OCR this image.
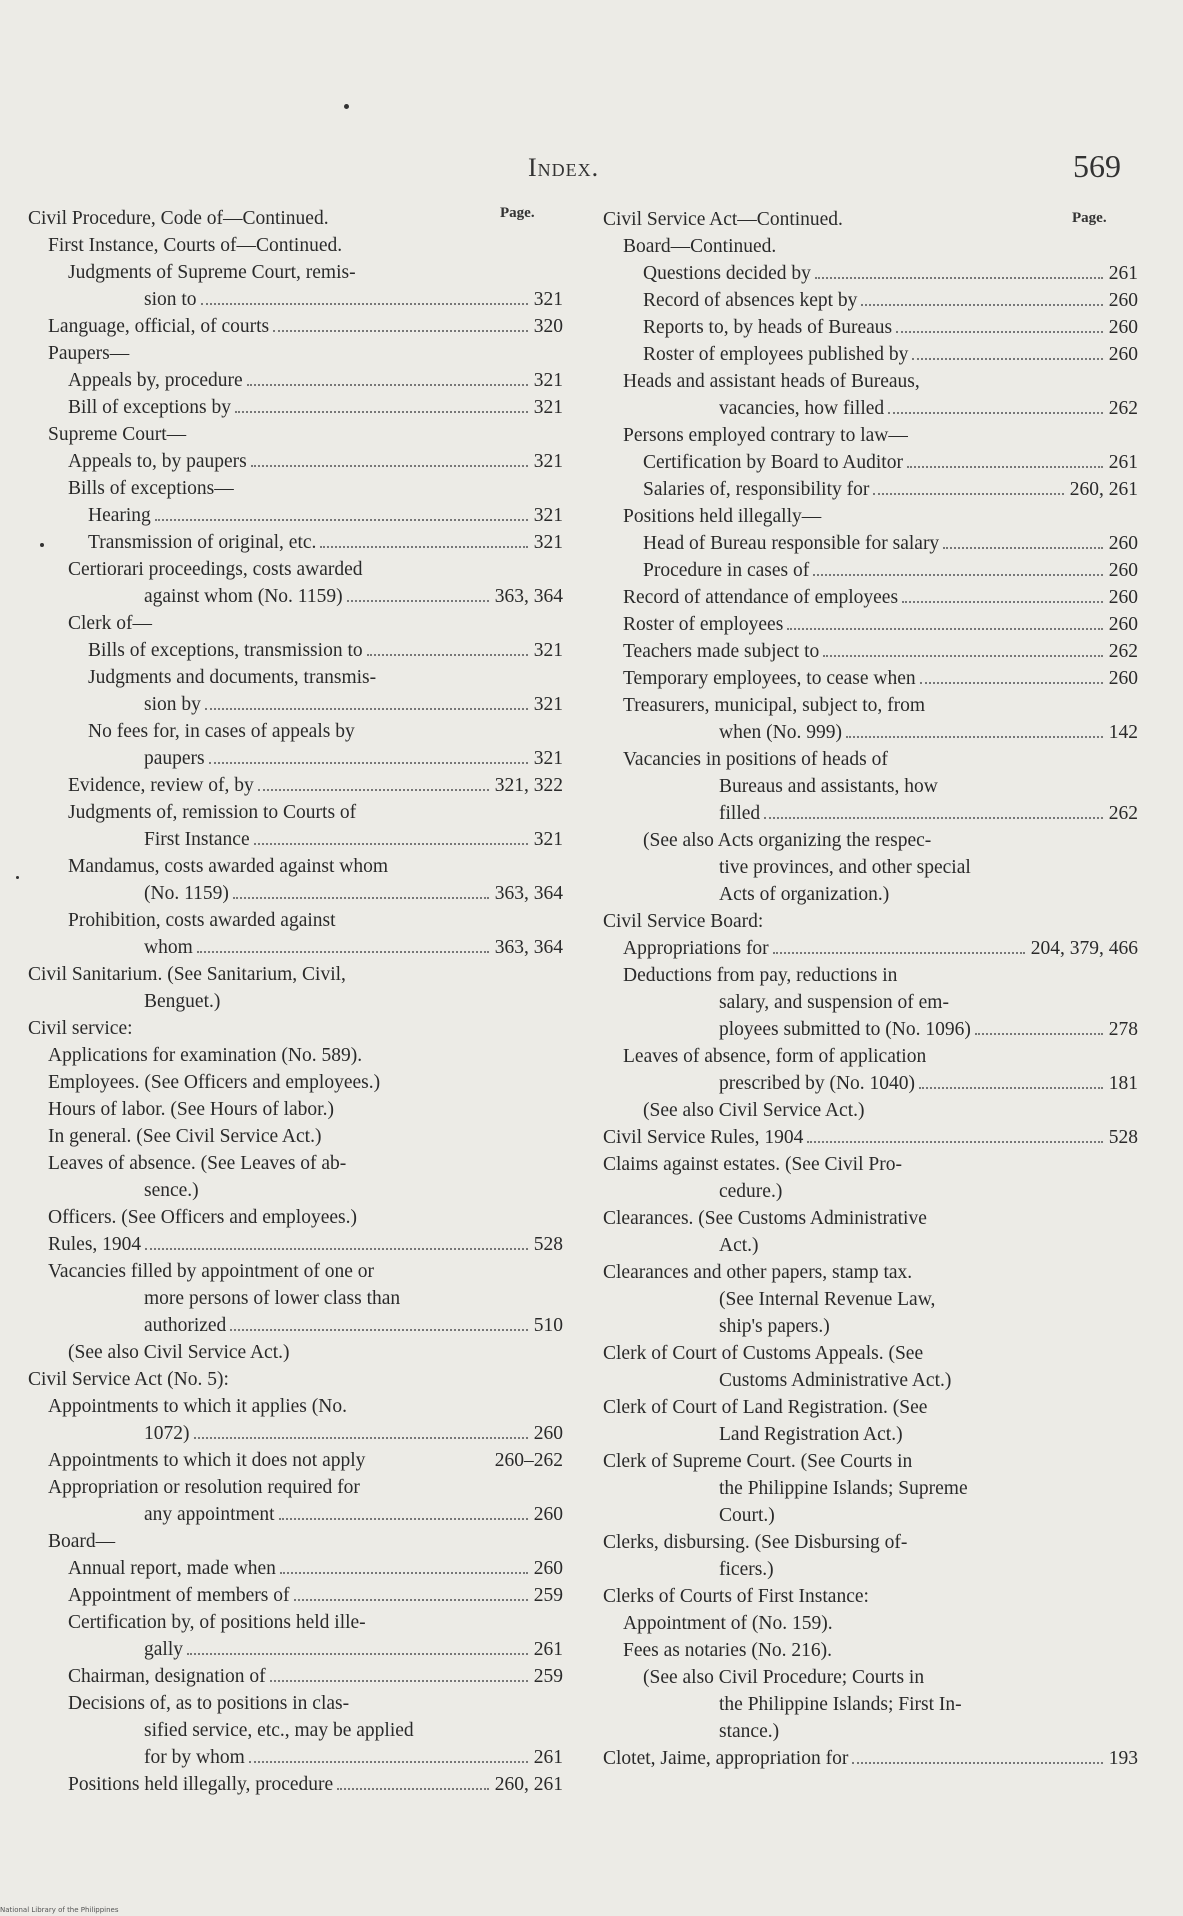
Index.	569
Page.	Page.
Civil Procedure, Code of—Continued.
First Instance, Courts of—Continued.
Judgments of Supreme Court, remis-
sion to	321
Language, official, of courts	320
Paupers—
Appeals by, procedure	321
Bill of exceptions by	321
Supreme Court—
Appeals to, by paupers	321
Bills of exceptions—
Hearing	321
Transmission of original, etc.	321
Certiorari proceedings, costs awarded
against whom (No. 1159)	363, 364
Clerk of—
Bills of exceptions, transmission to	321
Judgments and documents, transmis-
sion by	321
No fees for, in cases of appeals by
paupers	321
Evidence, review of, by	321, 322
Judgments of, remission to Courts of
First Instance	321
Mandamus, costs awarded against whom
(No. 1159)	363, 364
Prohibition, costs awarded against
whom	363, 364
Civil Sanitarium. (See Sanitarium, Civil,
Benguet.)
Civil service:
Applications for examination (No. 589).
Employees. (See Officers and employees.)
Hours of labor. (See Hours of labor.)
In general. (See Civil Service Act.)
Leaves of absence. (See Leaves of ab-
sence.)
Officers. (See Officers and employees.)
Rules, 1904	528
Vacancies filled by appointment of one or
more persons of lower class than
authorized	510
(See also Civil Service Act.)
Civil Service Act (No. 5):
Appointments to which it applies (No.
1072)	260
Appointments to which it does not apply	260–262
Appropriation or resolution required for
any appointment	260
Board—
Annual report, made when	260
Appointment of members of	259
Certification by, of positions held ille-
gally	261
Chairman, designation of	259
Decisions of, as to positions in clas-
sified service, etc., may be applied
for by whom	261
Positions held illegally, procedure	260, 261
Civil Service Act—Continued.
Board—Continued.
Questions decided by	261
Record of absences kept by	260
Reports to, by heads of Bureaus	260
Roster of employees published by	260
Heads and assistant heads of Bureaus,
vacancies, how filled	262
Persons employed contrary to law—
Certification by Board to Auditor	261
Salaries of, responsibility for	260, 261
Positions held illegally—
Head of Bureau responsible for salary	260
Procedure in cases of	260
Record of attendance of employees	260
Roster of employees	260
Teachers made subject to	262
Temporary employees, to cease when	260
Treasurers, municipal, subject to, from
when (No. 999)	142
Vacancies in positions of heads of
Bureaus and assistants, how
filled	262
(See also Acts organizing the respec-
tive provinces, and other special
Acts of organization.)
Civil Service Board:
Appropriations for	204, 379, 466
Deductions from pay, reductions in
salary, and suspension of em-
ployees submitted to (No. 1096)	278
Leaves of absence, form of application
prescribed by (No. 1040)	181
(See also Civil Service Act.)
Civil Service Rules, 1904	528
Claims against estates. (See Civil Pro-
cedure.)
Clearances. (See Customs Administrative
Act.)
Clearances and other papers, stamp tax.
(See Internal Revenue Law,
ship's papers.)
Clerk of Court of Customs Appeals. (See
Customs Administrative Act.)
Clerk of Court of Land Registration. (See
Land Registration Act.)
Clerk of Supreme Court. (See Courts in
the Philippine Islands; Supreme
Court.)
Clerks, disbursing. (See Disbursing of-
ficers.)
Clerks of Courts of First Instance:
Appointment of (No. 159).
Fees as notaries (No. 216).
(See also Civil Procedure; Courts in
the Philippine Islands; First In-
stance.)
Clotet, Jaime, appropriation for	193
National Library of the Philippines
